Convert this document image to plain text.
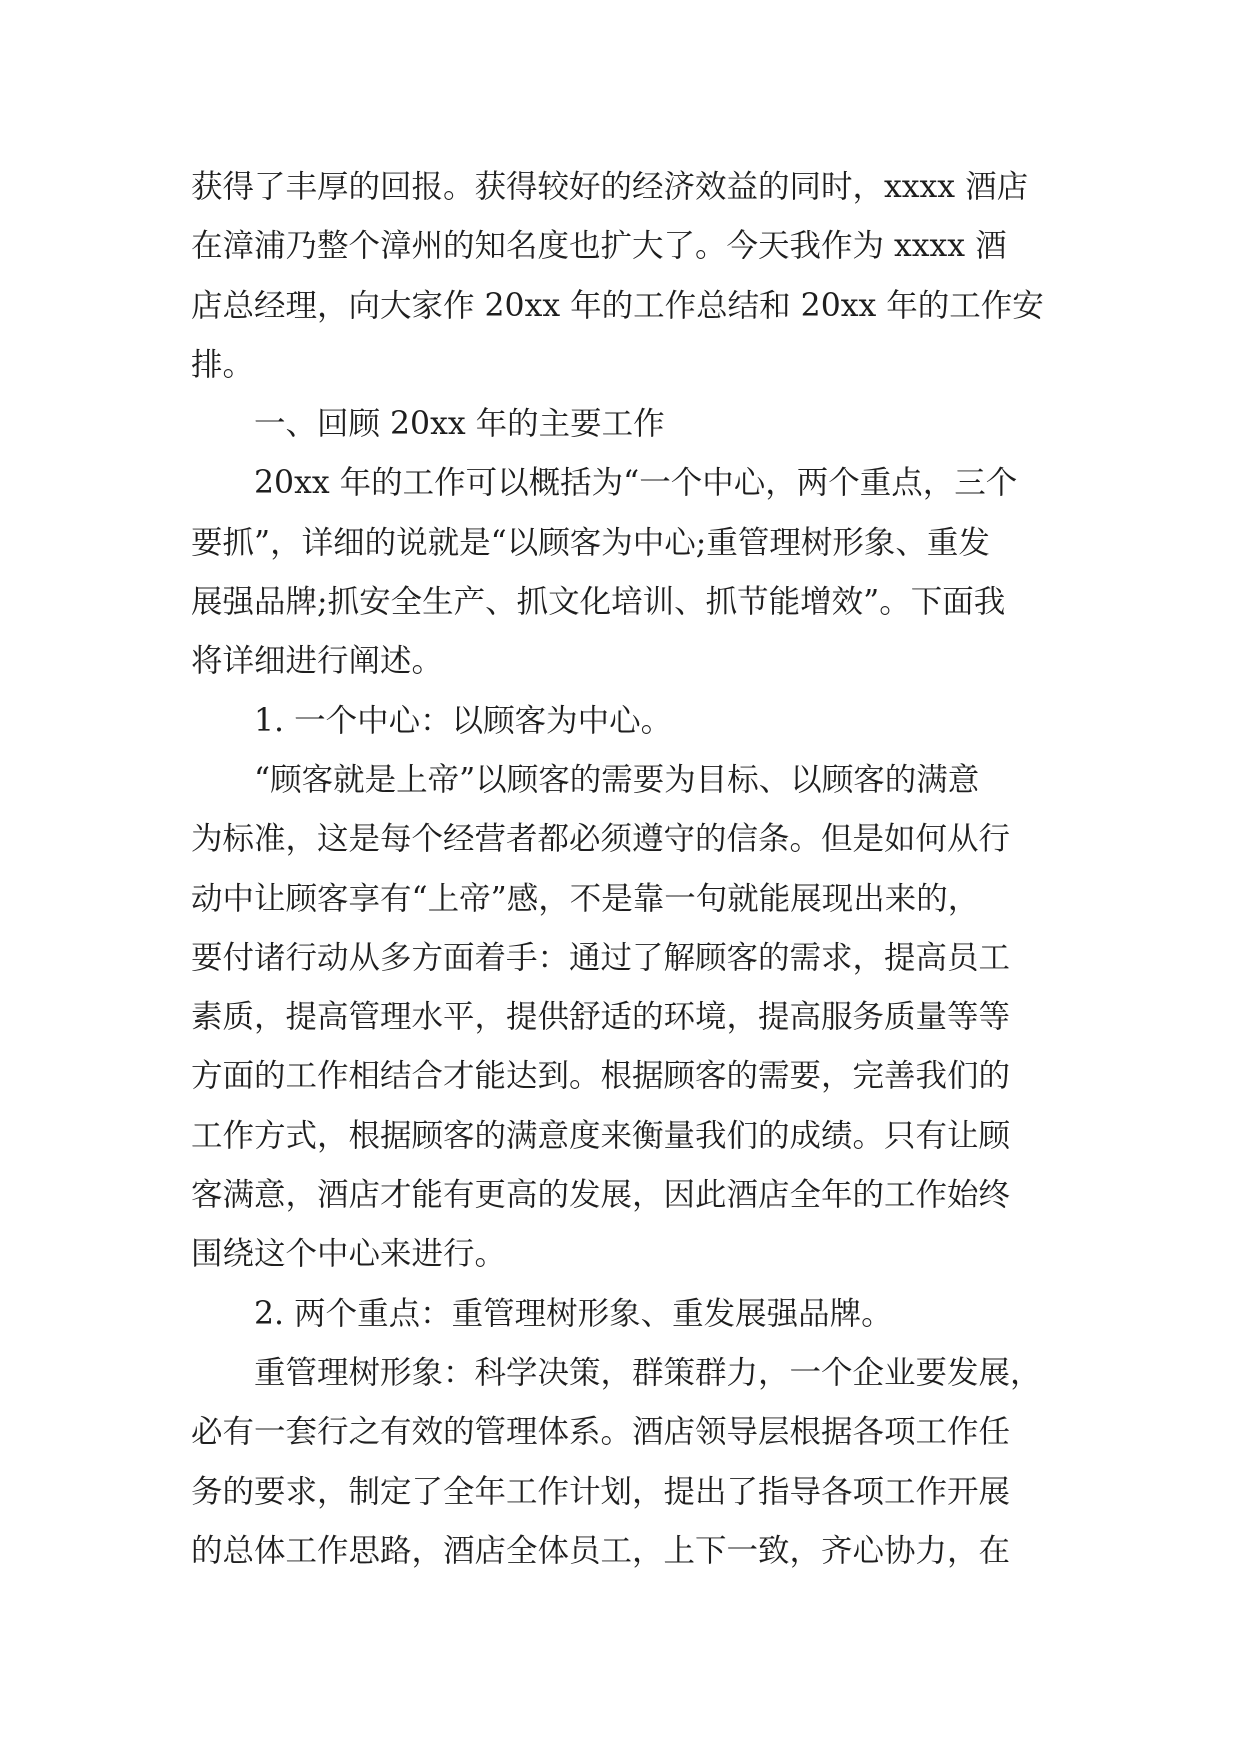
获得了丰厚的回报。获得较好的经济效益的同时，xxxx 酒店
在漳浦乃整个漳州的知名度也扩大了。今天我作为 xxxx 酒
店总经理，向大家作 20xx 年的工作总结和 20xx 年的工作安
排。
一、回顾 20xx 年的主要工作
20xx 年的工作可以概括为“一个中心，两个重点，三个
要抓”，详细的说就是“以顾客为中心;重管理树形象、重发
展强品牌;抓安全生产、抓文化培训、抓节能增效”。下面我
将详细进行阐述。
1. 一个中心：以顾客为中心。
“顾客就是上帝”以顾客的需要为目标、以顾客的满意
为标准，这是每个经营者都必须遵守的信条。但是如何从行
动中让顾客享有“上帝”感，不是靠一句就能展现出来的，
要付诸行动从多方面着手：通过了解顾客的需求，提高员工
素质，提高管理水平，提供舒适的环境，提高服务质量等等
方面的工作相结合才能达到。根据顾客的需要，完善我们的
工作方式，根据顾客的满意度来衡量我们的成绩。只有让顾
客满意，酒店才能有更高的发展，因此酒店全年的工作始终
围绕这个中心来进行。
2. 两个重点：重管理树形象、重发展强品牌。
重管理树形象：科学决策，群策群力，一个企业要发展，
必有一套行之有效的管理体系。酒店领导层根据各项工作任
务的要求，制定了全年工作计划，提出了指导各项工作开展
的总体工作思路，酒店全体员工，上下一致，齐心协力，在
